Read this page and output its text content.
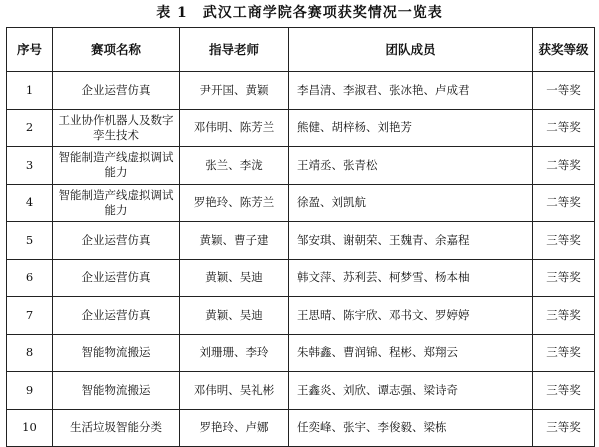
表 1　武汉工商学院各赛项获奖情况一览表
序号	赛项名称	指导老师	团队成员	获奖等级
1	企业运营仿真	尹开国、黄颖	李昌清、李淑君、张冰艳、卢成君	一等奖
2	工业协作机器人及数字孪生技术	邓伟明、陈芳兰	熊健、胡梓杨、刘艳芳	二等奖
3	智能制造产线虚拟调试能力	张兰、李泷	王靖丞、张青松	二等奖
4	智能制造产线虚拟调试能力	罗艳玲、陈芳兰	徐盈、刘凯航	二等奖
5	企业运营仿真	黄颖、曹子建	邹安琪、谢朝荣、王魏青、余嘉程	三等奖
6	企业运营仿真	黄颖、吴迪	韩文萍、苏利芸、柯梦雪、杨本柚	三等奖
7	企业运营仿真	黄颖、吴迪	王思晴、陈宇欣、邓书文、罗婷婷	三等奖
8	智能物流搬运	刘珊珊、李玲	朱韩鑫、曹润锦、程彬、郑翔云	三等奖
9	智能物流搬运	邓伟明、吴礼彬	王鑫炎、刘欣、谭志强、梁诗奇	三等奖
10	生活垃圾智能分类	罗艳玲、卢娜	任奕峰、张宇、李俊毅、梁栋	三等奖
